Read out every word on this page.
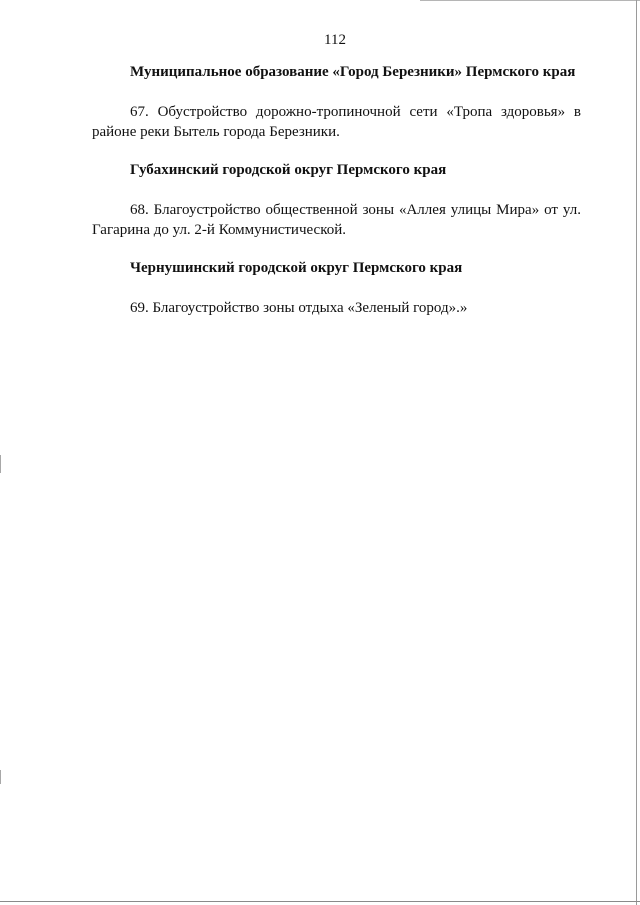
112

Муниципальное образование «Город Березники» Пермского края

67. Обустройство дорожно-тропиночной сети «Тропа здоровья» в районе реки Бытель города Березники.

Губахинский городской округ Пермского края

68. Благоустройство общественной зоны «Аллея улицы Мира» от ул. Гагарина до ул. 2-й Коммунистической.

Чернушинский городской округ Пермского края

69. Благоустройство зоны отдыха «Зеленый город».»
